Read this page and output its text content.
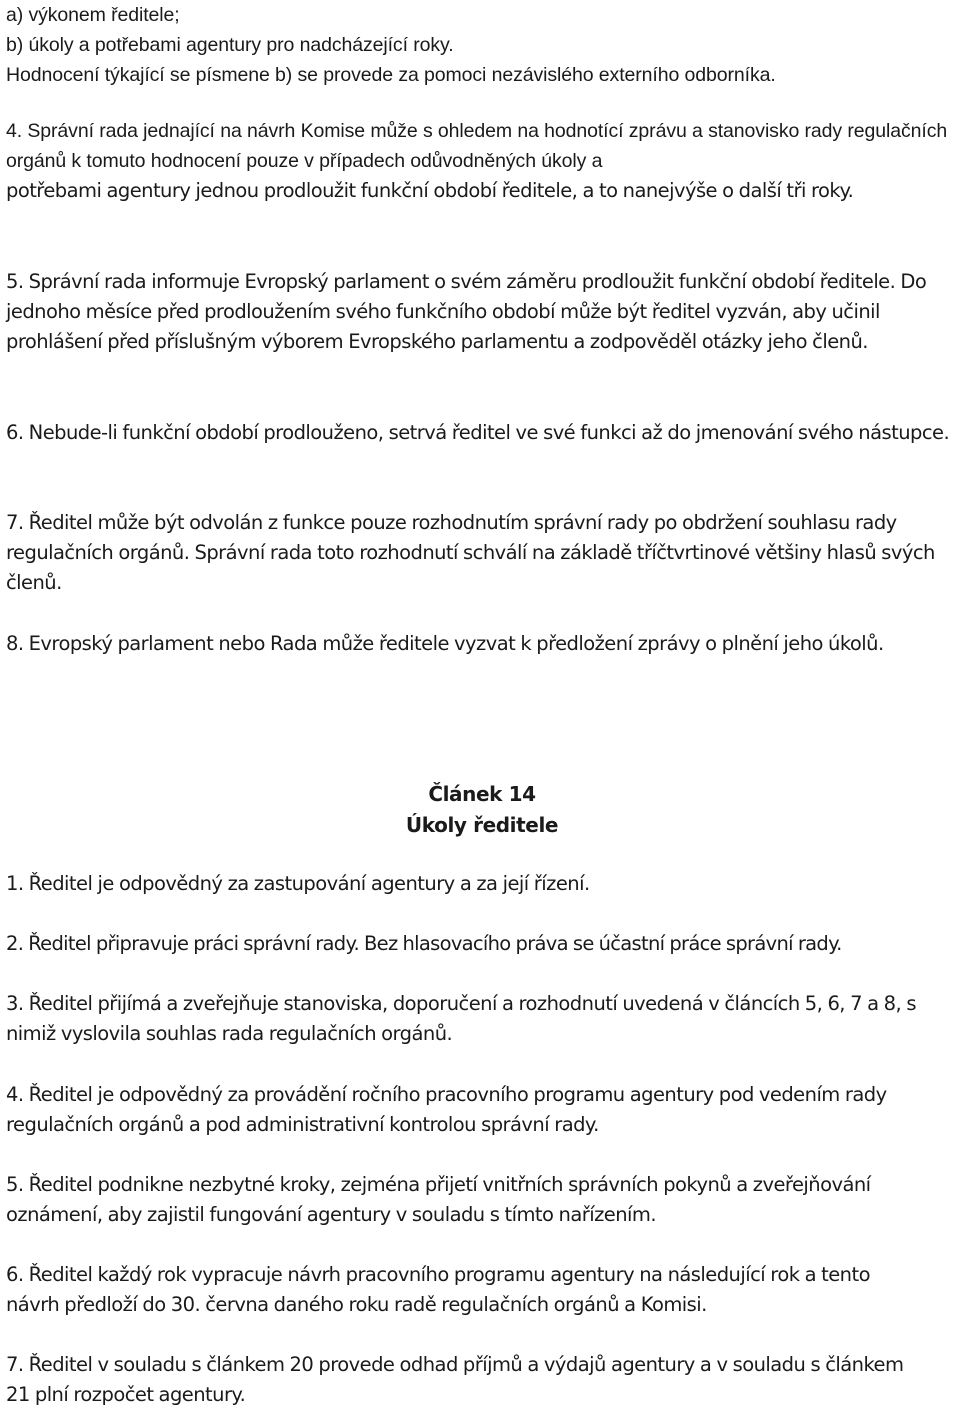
a) výkonem ředitele;

b) úkoly a potřebami agentury pro nadcházející roky.

Hodnocení týkající se písmene b) se provede za pomoci nezávislého externího odborníka.

4. Správní rada jednající na návrh Komise může s ohledem na hodnotící zprávu a stanovisko rady regulačních orgánů k tomuto hodnocení pouze v případech odůvodněných úkoly a

potřebami agentury jednou prodloužit funkční období ředitele, a to nanejvýše o další tři roky.

5. Správní rada informuje Evropský parlament o svém záměru prodloužit funkční období ředitele. Do jednoho měsíce před prodloužením svého funkčního období může být ředitel vyzván, aby učinil prohlášení před příslušným výborem Evropského parlamentu a zodpověděl otázky jeho členů.

6. Nebude-li funkční období prodlouženo, setrvá ředitel ve své funkci až do jmenování svého nástupce.

7. Ředitel může být odvolán z funkce pouze rozhodnutím správní rady po obdržení souhlasu rady regulačních orgánů. Správní rada toto rozhodnutí schválí na základě tříčtvrtinové většiny hlasů svých členů.

8. Evropský parlament nebo Rada může ředitele vyzvat k předložení zprávy o plnění jeho úkolů.

Článek 14

Úkoly ředitele

1. Ředitel je odpovědný za zastupování agentury a za její řízení.

2. Ředitel připravuje práci správní rady. Bez hlasovacího práva se účastní práce správní rady.

3. Ředitel přijímá a zveřejňuje stanoviska, doporučení a rozhodnutí uvedená v článcích 5, 6, 7 a 8, s nimiž vyslovila souhlas rada regulačních orgánů.

4. Ředitel je odpovědný za provádění ročního pracovního programu agentury pod vedením rady regulačních orgánů a pod administrativní kontrolou správní rady.

5. Ředitel podnikne nezbytné kroky, zejména přijetí vnitřních správních pokynů a zveřejňování oznámení, aby zajistil fungování agentury v souladu s tímto nařízením.

6. Ředitel každý rok vypracuje návrh pracovního programu agentury na následující rok a tento návrh předloží do 30. června daného roku radě regulačních orgánů a Komisi.

7. Ředitel v souladu s článkem 20 provede odhad příjmů a výdajů agentury a v souladu s článkem 21 plní rozpočet agentury.
